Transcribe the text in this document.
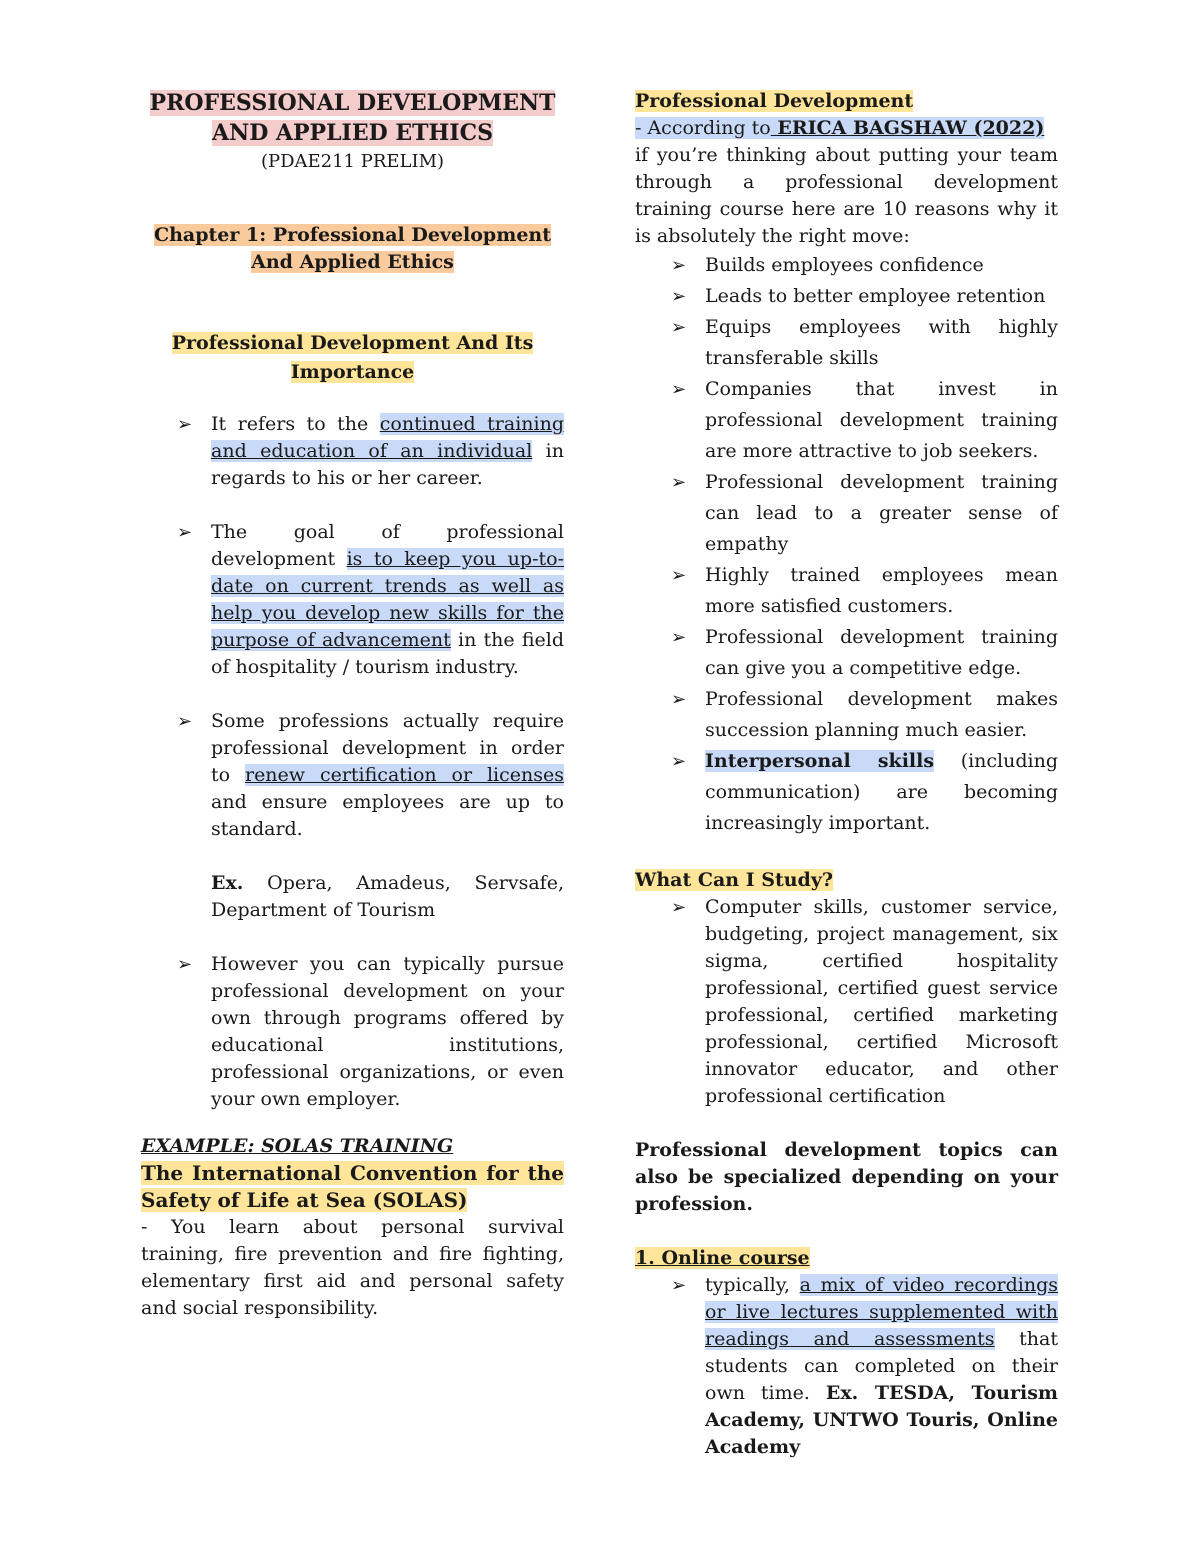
PROFESSIONAL DEVELOPMENT

AND APPLIED ETHICS

(PDAE211 PRELIM)

Chapter 1: Professional Development

And Applied Ethics

Professional Development And Its

Importance

➢ It refers to the continued training and education of an individual in regards to his or her career.
➢ The goal of professional development is to keep you up-to-date on current trends as well as help you develop new skills for the purpose of advancement in the field of hospitality / tourism industry.
➢ Some professions actually require professional development in order to renew certification or licenses and ensure employees are up to standard.
Ex. Opera, Amadeus, Servsafe, Department of Tourism
➢ However you can typically pursue professional development on your own through programs offered by educational institutions, professional organizations, or even your own employer.

EXAMPLE: SOLAS TRAINING

The International Convention for the Safety of Life at Sea (SOLAS)

- You learn about personal survival training, fire prevention and fire fighting, elementary first aid and personal safety and social responsibility.

Professional Development

- According to ERICA BAGSHAW (2022)

if you’re thinking about putting your team through a professional development training course here are 10 reasons why it is absolutely the right move:

➢ Builds employees confidence
➢ Leads to better employee retention
➢ Equips employees with highly transferable skills
➢ Companies that invest in professional development training are more attractive to job seekers.
➢ Professional development training can lead to a greater sense of empathy
➢ Highly trained employees mean more satisfied customers.
➢ Professional development training can give you a competitive edge.
➢ Professional development makes succession planning much easier.
➢ Interpersonal skills (including communication) are becoming increasingly important.

What Can I Study?

➢ Computer skills, customer service, budgeting, project management, six sigma, certified hospitality professional, certified guest service professional, certified marketing professional, certified Microsoft innovator educator, and other professional certification

Professional development topics can also be specialized depending on your profession.

1. Online course

➢ typically, a mix of video recordings or live lectures supplemented with readings and assessments that students can completed on their own time. Ex. TESDA, Tourism Academy, UNTWO Touris, Online Academy
